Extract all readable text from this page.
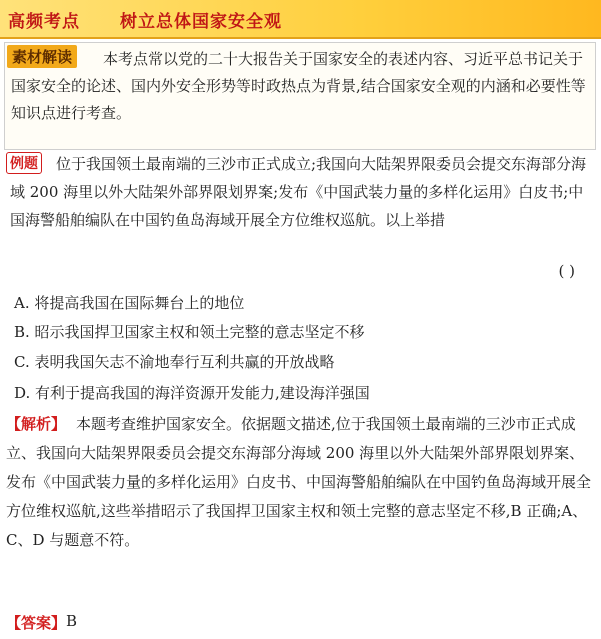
高频考点 树立总体国家安全观
本考点常以党的二十大报告关于国家安全的表述内容、习近平总书记关于国家安全的论述、国内外安全形势等时政热点为背景,结合国家安全观的内涵和必要性等知识点进行考查。
素材解读
位于我国领土最南端的三沙市正式成立;我国向大陆架界限委员会提交东海部分海域 200 海里以外大陆架外部界限划界案;发布《中国武装力量的多样化运用》白皮书;中国海警船舶编队在中国钓鱼岛海域开展全方位维权巡航。以上举措
例题
( )
A. 将提高我国在国际舞台上的地位
B. 昭示我国捍卫国家主权和领土完整的意志坚定不移
C. 表明我国矢志不渝地奉行互利共赢的开放战略
D. 有利于提高我国的海洋资源开发能力,建设海洋强国
本题考查维护国家安全。依据题文描述,位于我国领土最南端的三沙市正式成立、我国向大陆架界限委员会提交东海部分海域 200 海里以外大陆架外部界限划界案、发布《中国武装力量的多样化运用》白皮书、中国海警船舶编队在中国钓鱼岛海域开展全方位维权巡航,这些举措昭示了我国捍卫国家主权和领土完整的意志坚定不移,B 正确;A、C、D 与题意不符。
【解析】
【答案】 B
